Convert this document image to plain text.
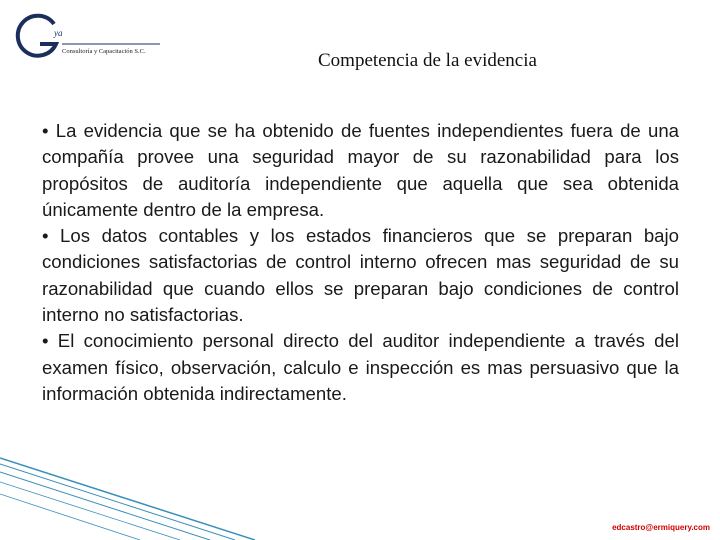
ya
Consultoría y Capacitación S.C.	Competencia de la evidencia

• La evidencia que se ha obtenido de fuentes independientes fuera de una compañía provee una seguridad mayor de su razonabilidad para los propósitos de auditoría independiente que aquella que sea obtenida únicamente dentro de la empresa.

• Los datos contables y los estados financieros que se preparan bajo condiciones satisfactorias de control interno ofrecen mas seguridad de su razonabilidad que cuando ellos se preparan bajo condiciones de control interno no satisfactorias.

• El conocimiento personal directo del auditor independiente a través del examen físico, observación, calculo e inspección es mas persuasivo que la información obtenida indirectamente.

edcastro@ermiquery.com
